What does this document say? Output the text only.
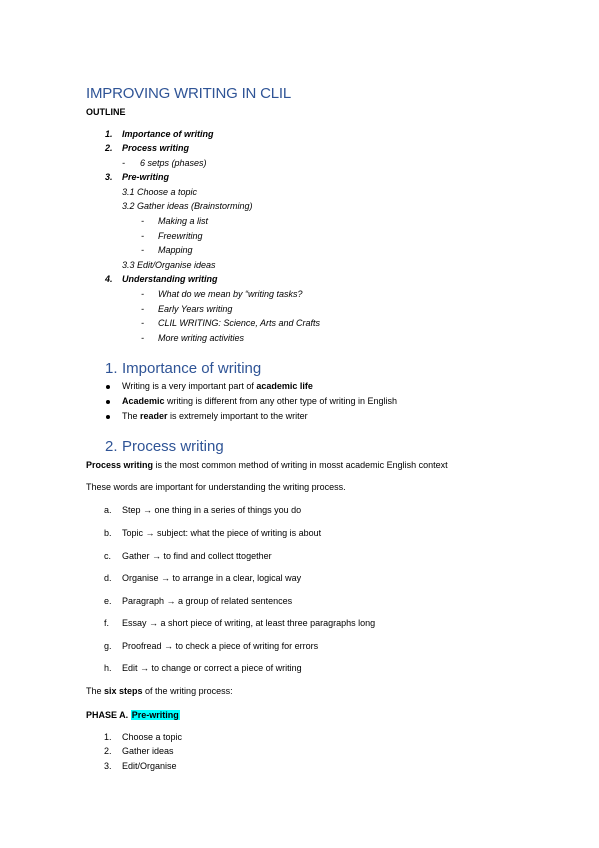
IMPROVING WRITING IN CLIL
OUTLINE
1. Importance of writing
2. Process writing
- 6 setps (phases)
3. Pre-writing
3.1 Choose a topic
3.2 Gather ideas (Brainstorming)
- Making a list
- Freewriting
- Mapping
3.3 Edit/Organise ideas
4. Understanding writing
- What do we mean by “writing tasks?
- Early Years writing
- CLIL WRITING: Science, Arts and Crafts
- More writing activities
1. Importance of writing
Writing is a very important part of academic life
Academic writing is different from any other type of writing in English
The reader is extremely important to the writer
2. Process writing
Process writing is the most common method of writing in mosst academic English context
These words are important for understanding the writing process.
a. Step → one thing in a series of things you do
b. Topic → subject: what the piece of writing is about
c. Gather → to find and collect ttogether
d. Organise → to arrange in a clear, logical way
e. Paragraph → a group of related sentences
f. Essay → a short piece of writing, at least three paragraphs long
g. Proofread → to check a piece of writing for errors
h. Edit → to change or correct a piece of writing
The six steps of the writing process:
PHASE A. Pre-writing
1. Choose a topic
2. Gather ideas
3. Edit/Organise
